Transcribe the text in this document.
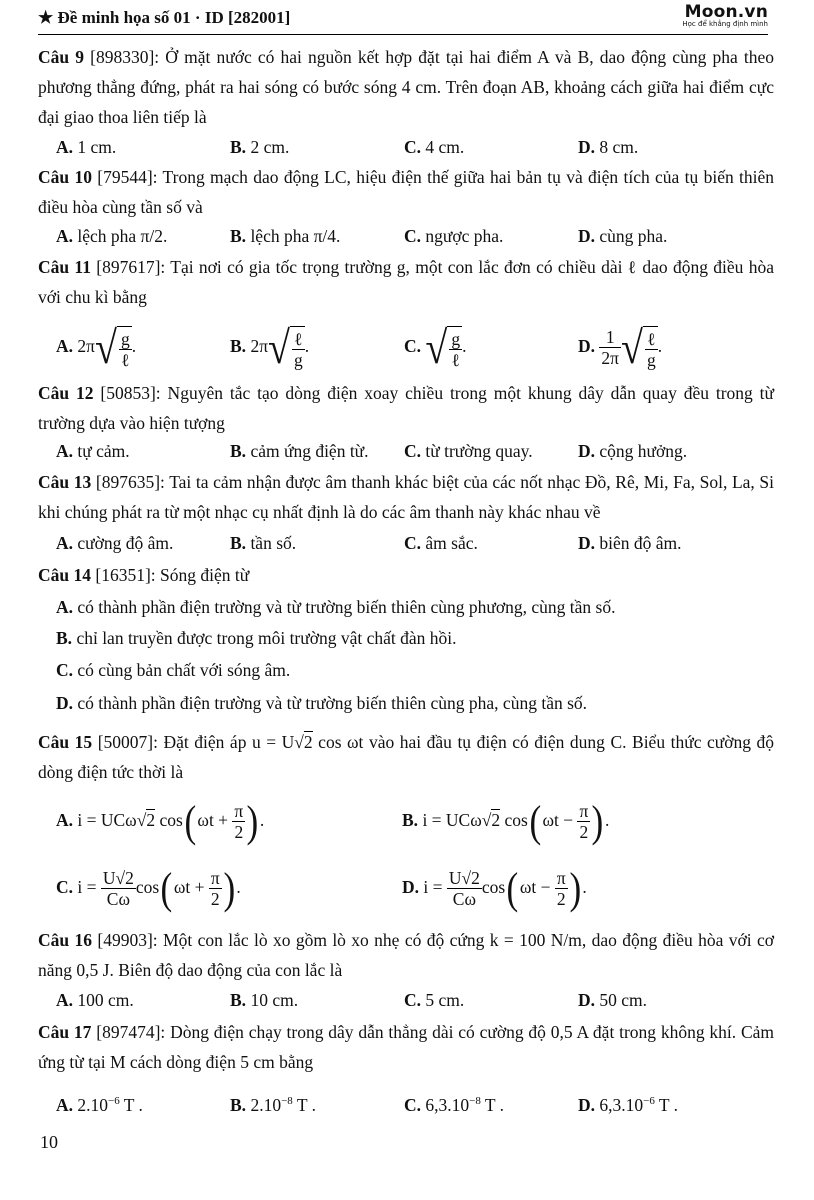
★ Đề minh họa số 01 · ID [282001]	Moon.vn
Học để khẳng định mình
Câu 9 [898330]: Ở mặt nước có hai nguồn kết hợp đặt tại hai điểm A và B, dao động cùng pha theo phương thẳng đứng, phát ra hai sóng có bước sóng 4 cm. Trên đoạn AB, khoảng cách giữa hai điểm cực đại giao thoa liên tiếp là
A. 1 cm.	B. 2 cm.	C. 4 cm.	D. 8 cm.
Câu 10 [79544]: Trong mạch dao động LC, hiệu điện thế giữa hai bản tụ và điện tích của tụ biến thiên điều hòa cùng tần số và
A. lệch pha π/2.	B. lệch pha π/4.	C. ngược pha.	D. cùng pha.
Câu 11 [897617]: Tại nơi có gia tốc trọng trường g, một con lắc đơn có chiều dài ℓ dao động điều hòa với chu kì bằng
A. $2\pi√ \frac{g}{\text{ℓ}}$ .	B. $2\pi√ \frac{\text{ℓ}}{g}$ .	C. √ $\frac{g}{\text{ℓ}}$ .	D. $\frac{1}{2\pi}$ √ $\frac{\text{ℓ}}{g}$ .
Câu 12 [50853]: Nguyên tắc tạo dòng điện xoay chiều trong một khung dây dẫn quay đều trong từ trường dựa vào hiện tượng
A. tự cảm.	B. cảm ứng điện từ. C. từ trường quay.	D. cộng hưởng.
Câu 13 [897635]: Tai ta cảm nhận được âm thanh khác biệt của các nốt nhạc Đồ, Rê, Mi, Fa, Sol, La, Si khi chúng phát ra từ một nhạc cụ nhất định là do các âm thanh này khác nhau về
A. cường độ âm.	B. tần số.	C. âm sắc.	D. biên độ âm.
Câu 14 [16351]: Sóng điện từ
A. có thành phần điện trường và từ trường biến thiên cùng phương, cùng tần số.
B. chỉ lan truyền được trong môi trường vật chất đàn hồi.
C. có cùng bản chất với sóng âm.
D. có thành phần điện trường và từ trường biến thiên cùng pha, cùng tần số.
Câu 15 [50007]: Đặt điện áp u = U√2 cos ωt vào hai đầu tụ điện có điện dung C. Biểu thức cường độ dòng điện tức thời là
A. i = UCω√2 $\cos(\omega t + \frac{\pi}{2}$ ).	B. i = UCω√2 $\cos(\omega t - \frac{\pi}{2}$ ).
C. $i = \frac{U√2}{C\omega} \cos(\omega t + \frac{\pi}{2}$ ).	D. $i = \frac{U√2}{C\omega} \cos(\omega t - \frac{\pi}{2}$ ).
Câu 16 [49903]: Một con lắc lò xo gồm lò xo nhẹ có độ cứng k = 100 N/m, dao động điều hòa với cơ năng 0,5 J. Biên độ dao động của con lắc là
A. 100 cm.	B. 10 cm.	C. 5 cm.	D. 50 cm.
Câu 17 [897474]: Dòng điện chạy trong dây dẫn thẳng dài có cường độ 0,5 A đặt trong không khí. Cảm ứng từ tại M cách dòng điện 5 cm bằng
A. $2.10^{-6}$ T .	B. $2.10^{-8}$ T .	C. $6,3.10^{-8}$ T .	D. $6,3.10^{-6}$ T .
10
